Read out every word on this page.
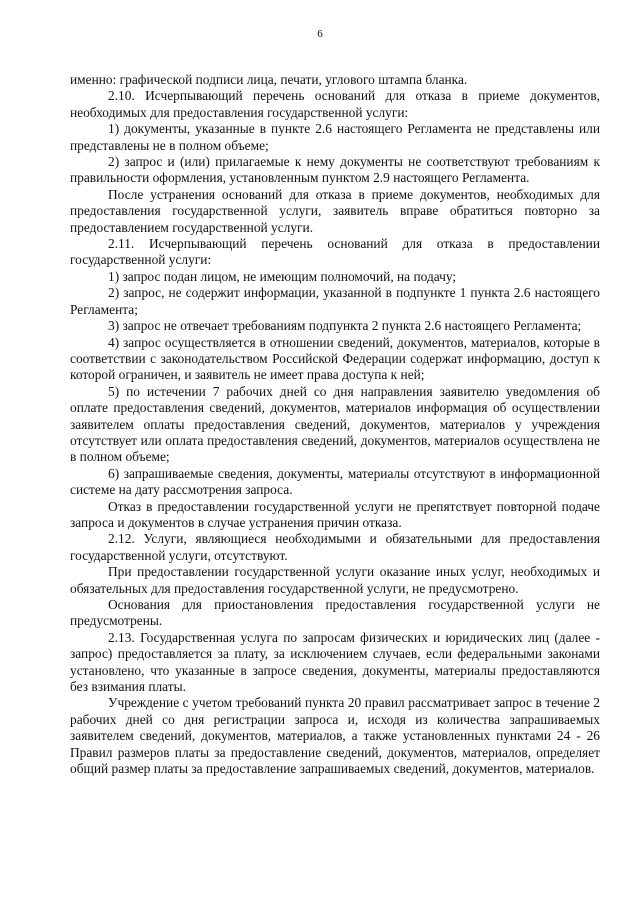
6

именно: графической подписи лица, печати, углового штампа бланка.

2.10. Исчерпывающий перечень оснований для отказа в приеме документов, необходимых для предоставления государственной услуги:

1) документы, указанные в пункте 2.6 настоящего Регламента не представлены или представлены не в полном объеме;

2) запрос и (или) прилагаемые к нему документы не соответствуют требованиям к правильности оформления, установленным пунктом 2.9 настоящего Регламента.

После устранения оснований для отказа в приеме документов, необходимых для предоставления государственной услуги, заявитель вправе обратиться повторно за предоставлением государственной услуги.

2.11. Исчерпывающий перечень оснований для отказа в предоставлении государственной услуги:

1) запрос подан лицом, не имеющим полномочий, на подачу;

2) запрос, не содержит информации, указанной в подпункте 1 пункта 2.6 настоящего Регламента;

3) запрос не отвечает требованиям подпункта 2 пункта 2.6 настоящего Регламента;

4) запрос осуществляется в отношении сведений, документов, материалов, которые в соответствии с законодательством Российской Федерации содержат информацию, доступ к которой ограничен, и заявитель не имеет права доступа к ней;

5) по истечении 7 рабочих дней со дня направления заявителю уведомления об оплате предоставления сведений, документов, материалов информация об осуществлении заявителем оплаты предоставления сведений, документов, материалов у учреждения отсутствует или оплата предоставления сведений, документов, материалов осуществлена не в полном объеме;

6) запрашиваемые сведения, документы, материалы отсутствуют в информационной системе на дату рассмотрения запроса.

Отказ в предоставлении государственной услуги не препятствует повторной подаче запроса и документов в случае устранения причин отказа.

2.12. Услуги, являющиеся необходимыми и обязательными для предоставления государственной услуги, отсутствуют.

При предоставлении государственной услуги оказание иных услуг, необходимых и обязательных для предоставления государственной услуги, не предусмотрено.

Основания для приостановления предоставления государственной услуги не предусмотрены.

2.13. Государственная услуга по запросам физических и юридических лиц (далее - запрос) предоставляется за плату, за исключением случаев, если федеральными законами установлено, что указанные в запросе сведения, документы, материалы предоставляются без взимания платы.

Учреждение с учетом требований пункта 20 правил рассматривает запрос в течение 2 рабочих дней со дня регистрации запроса и, исходя из количества запрашиваемых заявителем сведений, документов, материалов, а также установленных пунктами 24 - 26 Правил размеров платы за предоставление сведений, документов, материалов, определяет общий размер платы за предоставление запрашиваемых сведений, документов, материалов.
